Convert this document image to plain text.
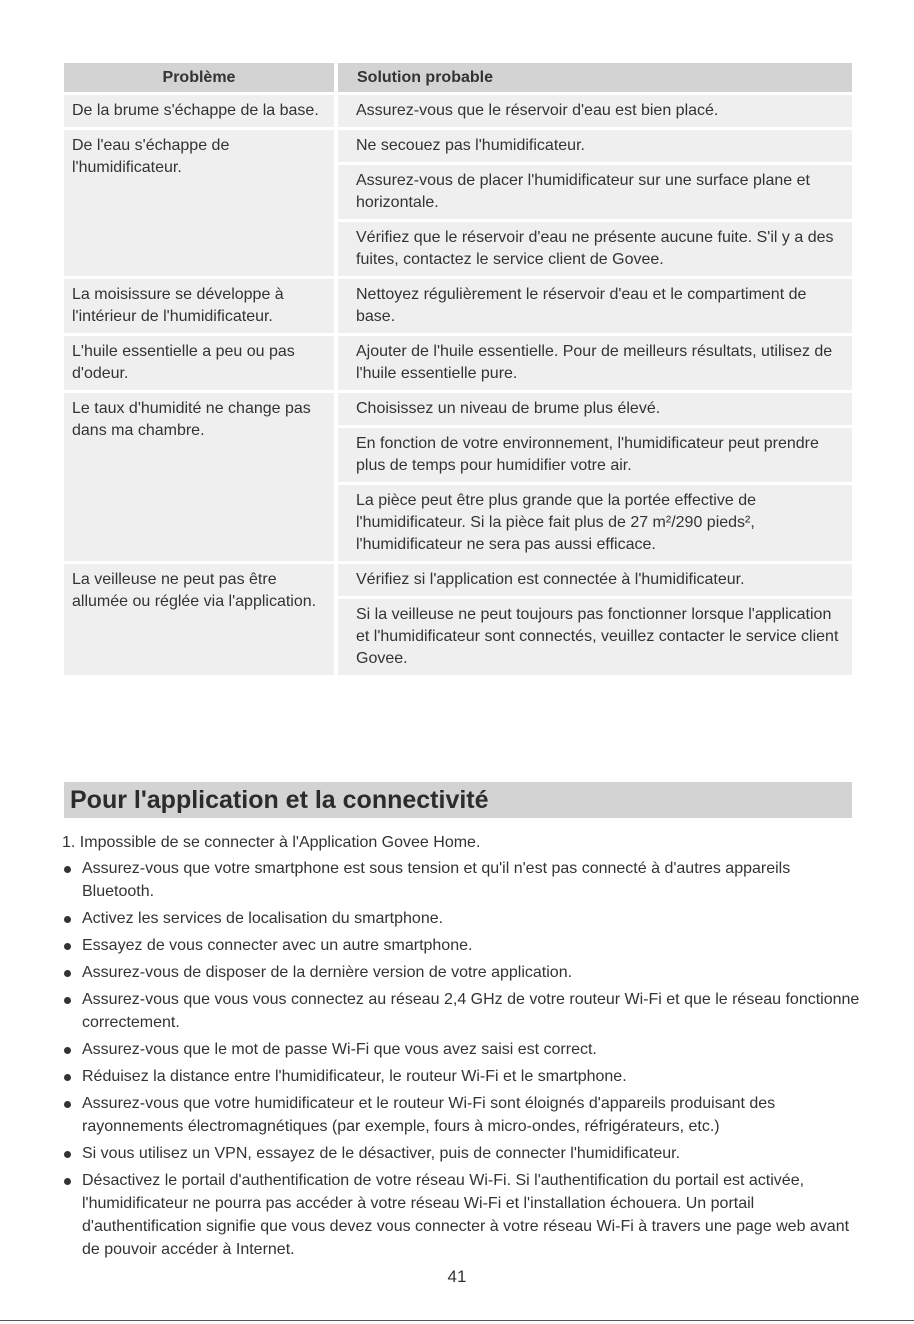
Problème	Solution probable
De la brume s'échappe de la base.	Assurez-vous que le réservoir d'eau est bien placé.
De l'eau s'échappe de l'humidificateur.
Ne secouez pas l'humidificateur.
Assurez-vous de placer l'humidificateur sur une surface plane et horizontale.
Vérifiez que le réservoir d'eau ne présente aucune fuite. S'il y a des fuites, contactez le service client de Govee.
La moisissure se développe à l'intérieur de l'humidificateur.
Nettoyez régulièrement le réservoir d'eau et le compartiment de base.
L'huile essentielle a peu ou pas d'odeur.
Ajouter de l'huile essentielle. Pour de meilleurs résultats, utilisez de l'huile essentielle pure.
Le taux d'humidité ne change pas dans ma chambre.
Choisissez un niveau de brume plus élevé.
En fonction de votre environnement, l'humidificateur peut prendre plus de temps pour humidifier votre air.
La pièce peut être plus grande que la portée effective de l'humidificateur. Si la pièce fait plus de 27 m²/290 pieds², l'humidificateur ne sera pas aussi efficace.
La veilleuse ne peut pas être allumée ou réglée via l'application.
Vérifiez si l'application est connectée à l'humidificateur.
Si la veilleuse ne peut toujours pas fonctionner lorsque l'application et l'humidificateur sont connectés, veuillez contacter le service client Govee.
Pour l'application et la connectivité
1. Impossible de se connecter à l'Application Govee Home.
Assurez-vous que votre smartphone est sous tension et qu'il n'est pas connecté à d'autres appareils Bluetooth.
Activez les services de localisation du smartphone.
Essayez de vous connecter avec un autre smartphone.
Assurez-vous de disposer de la dernière version de votre application.
Assurez-vous que vous vous connectez au réseau 2,4 GHz de votre routeur Wi-Fi et que le réseau fonctionne correctement.
Assurez-vous que le mot de passe Wi-Fi que vous avez saisi est correct.
Réduisez la distance entre l'humidificateur, le routeur Wi-Fi et le smartphone.
Assurez-vous que votre humidificateur et le routeur Wi-Fi sont éloignés d'appareils produisant des rayonnements électromagnétiques (par exemple, fours à micro-ondes, réfrigérateurs, etc.)
Si vous utilisez un VPN, essayez de le désactiver, puis de connecter l'humidificateur.
Désactivez le portail d'authentification de votre réseau Wi-Fi. Si l'authentification du portail est activée, l'humidificateur ne pourra pas accéder à votre réseau Wi-Fi et l'installation échouera. Un portail d'authentification signifie que vous devez vous connecter à votre réseau Wi-Fi à travers une page web avant de pouvoir accéder à Internet.
41
